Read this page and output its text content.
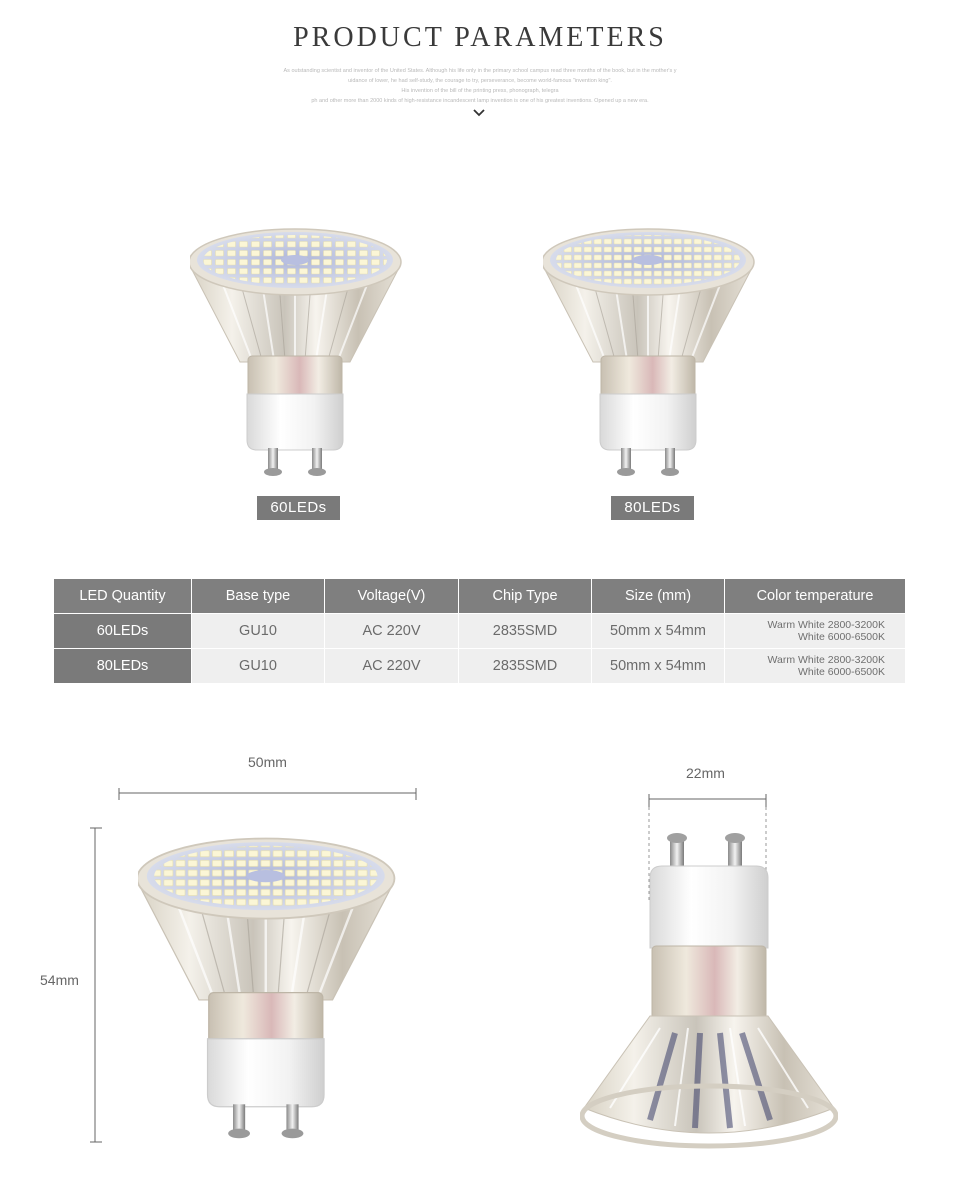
PRODUCT PARAMETERS
As outstanding scientist and inventor of the United States. Although his life only in the primary school campus read three months of the book, but in the mother's y
uidance of lower, he had self-study, the courage to try, perseverance, become world-famous "invention king".
His invention of the bill of the printing press, phonograph, telegra
ph and other more than 2000 kinds of high-resistance incandescent lamp invention is one of his greatest inventions. Opened up a new era.
60LEDs	80LEDs
LED Quantity	Base type	Voltage(V)	Chip Type	Size (mm)	Color temperature
60LEDs	GU10	AC 220V	2835SMD	50mm x 54mm	Warm White 2800-3200K
White 6000-6500K

80LEDs	GU10	AC 220V	2835SMD	50mm x 54mm	Warm White 2800-3200K
White 6000-6500K
50mm
54mm
22mm
